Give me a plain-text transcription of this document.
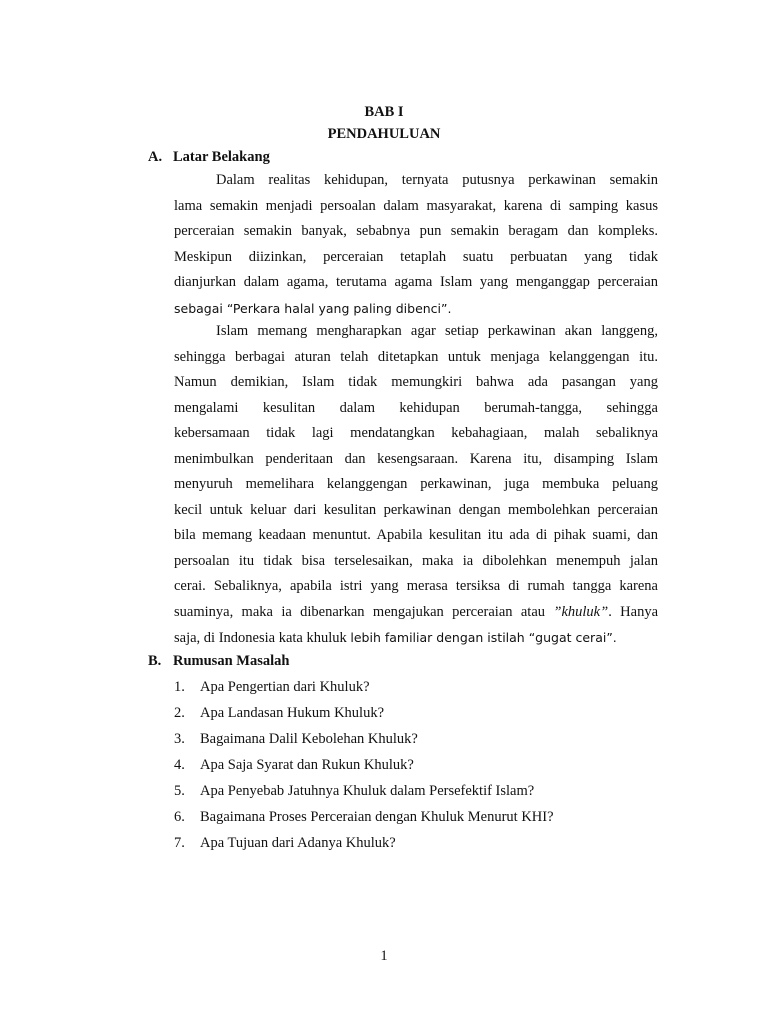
BAB I
PENDAHULUAN
A. Latar Belakang
Dalam realitas kehidupan, ternyata putusnya perkawinan semakin
lama semakin menjadi persoalan dalam masyarakat, karena di samping kasus
perceraian semakin banyak, sebabnya pun semakin beragam dan kompleks.
Meskipun diizinkan, perceraian tetaplah suatu perbuatan yang tidak
dianjurkan dalam agama, terutama agama Islam yang menganggap perceraian
sebagai “Perkara halal yang paling dibenci”.
Islam memang mengharapkan agar setiap perkawinan akan langgeng,
sehingga berbagai aturan telah ditetapkan untuk menjaga kelanggengan itu.
Namun demikian, Islam tidak memungkiri bahwa ada pasangan yang
mengalami kesulitan dalam kehidupan berumah-tangga, sehingga
kebersamaan tidak lagi mendatangkan kebahagiaan, malah sebaliknya
menimbulkan penderitaan dan kesengsaraan. Karena itu, disamping Islam
menyuruh memelihara kelanggengan perkawinan, juga membuka peluang
kecil untuk keluar dari kesulitan perkawinan dengan membolehkan perceraian
bila memang keadaan menuntut. Apabila kesulitan itu ada di pihak suami, dan
persoalan itu tidak bisa terselesaikan, maka ia dibolehkan menempuh jalan
cerai. Sebaliknya, apabila istri yang merasa tersiksa di rumah tangga karena
suaminya, maka ia dibenarkan mengajukan perceraian atau ”khuluk”. Hanya
saja, di Indonesia kata khuluk lebih familiar dengan istilah “gugat cerai”.
B. Rumusan Masalah
1. Apa Pengertian dari Khuluk?
2. Apa Landasan Hukum Khuluk?
3. Bagaimana Dalil Kebolehan Khuluk?
4. Apa Saja Syarat dan Rukun Khuluk?
5. Apa Penyebab Jatuhnya Khuluk dalam Persefektif Islam?
6. Bagaimana Proses Perceraian dengan Khuluk Menurut KHI?
7. Apa Tujuan dari Adanya Khuluk?
1
